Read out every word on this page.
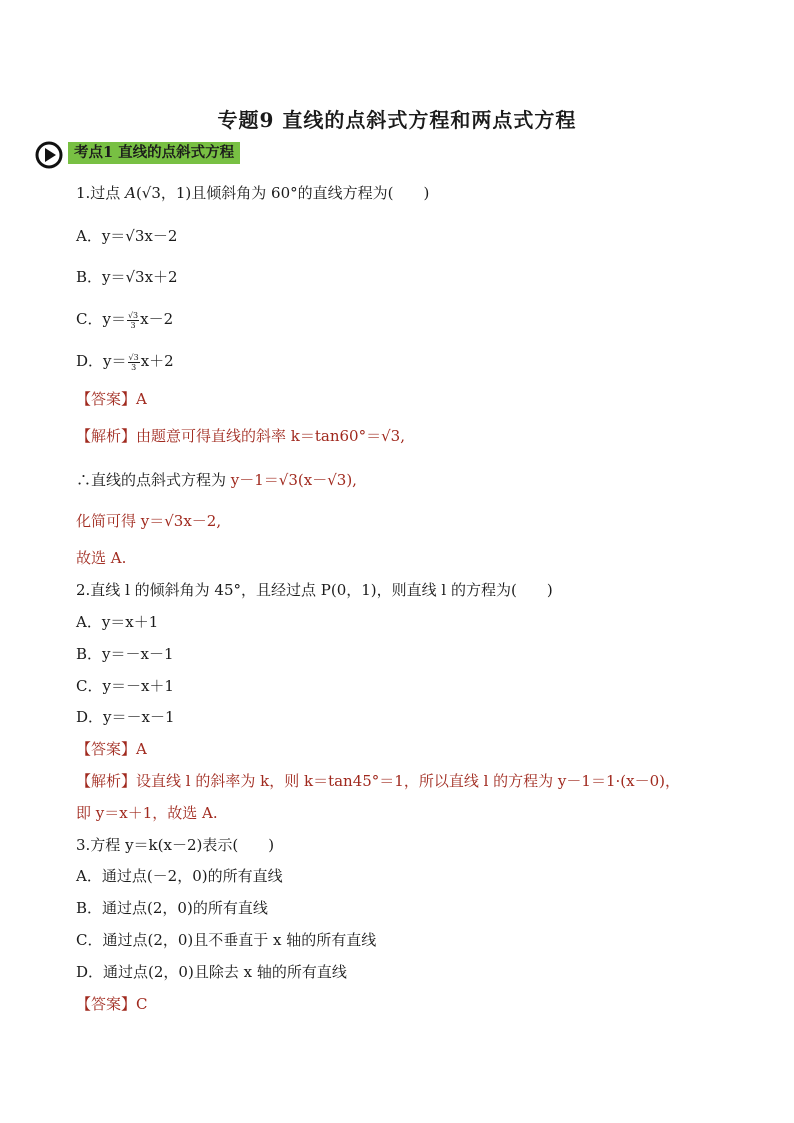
专题9 直线的点斜式方程和两点式方程
考点1 直线的点斜式方程
1.过点 A(√3，1)且倾斜角为 60°的直线方程为(　　)
A．y＝√3x－2
B．y＝√3x＋2
C．$y= \frac{√3}{3} x-2$
D．$y= \frac{√3}{3} x+2$
【答案】A
【解析】由题意可得直线的斜率 k＝tan60°＝√3,
∴直线的点斜式方程为 y－1＝√3(x－√3),
化简可得 y＝√3x－2,
故选 A.
2.直线 l 的倾斜角为 45°，且经过点 P(0，1)，则直线 l 的方程为(　　)
A．y＝x＋1
B．y＝－x－1
C．y＝－x＋1
D．y＝－x－1
【答案】A
【解析】设直线 l 的斜率为 k，则 k＝tan45°＝1，所以直线 l 的方程为 y－1＝1·(x－0)，
即 y＝x＋1，故选 A.
3.方程 y＝k(x－2)表示(　　)
A．通过点(－2，0)的所有直线
B．通过点(2，0)的所有直线
C．通过点(2，0)且不垂直于 x 轴的所有直线
D．通过点(2，0)且除去 x 轴的所有直线
【答案】C
